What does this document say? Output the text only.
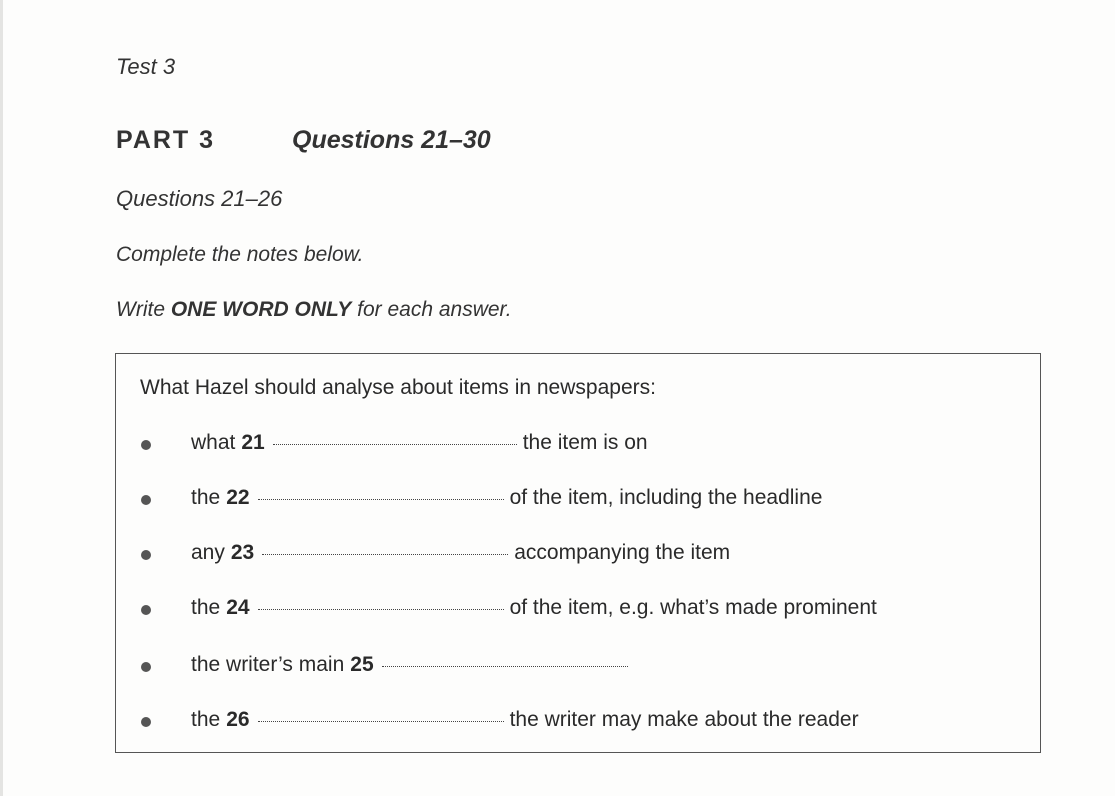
Test 3
PART 3	Questions 21–30
Questions 21–26
Complete the notes below.
Write ONE WORD ONLY for each answer.
What Hazel should analyse about items in newspapers:
what 21	the item is on
the 22	of the item, including the headline
any 23	accompanying the item
the 24	of the item, e.g. what’s made prominent
the writer’s main 25
the 26	the writer may make about the reader
